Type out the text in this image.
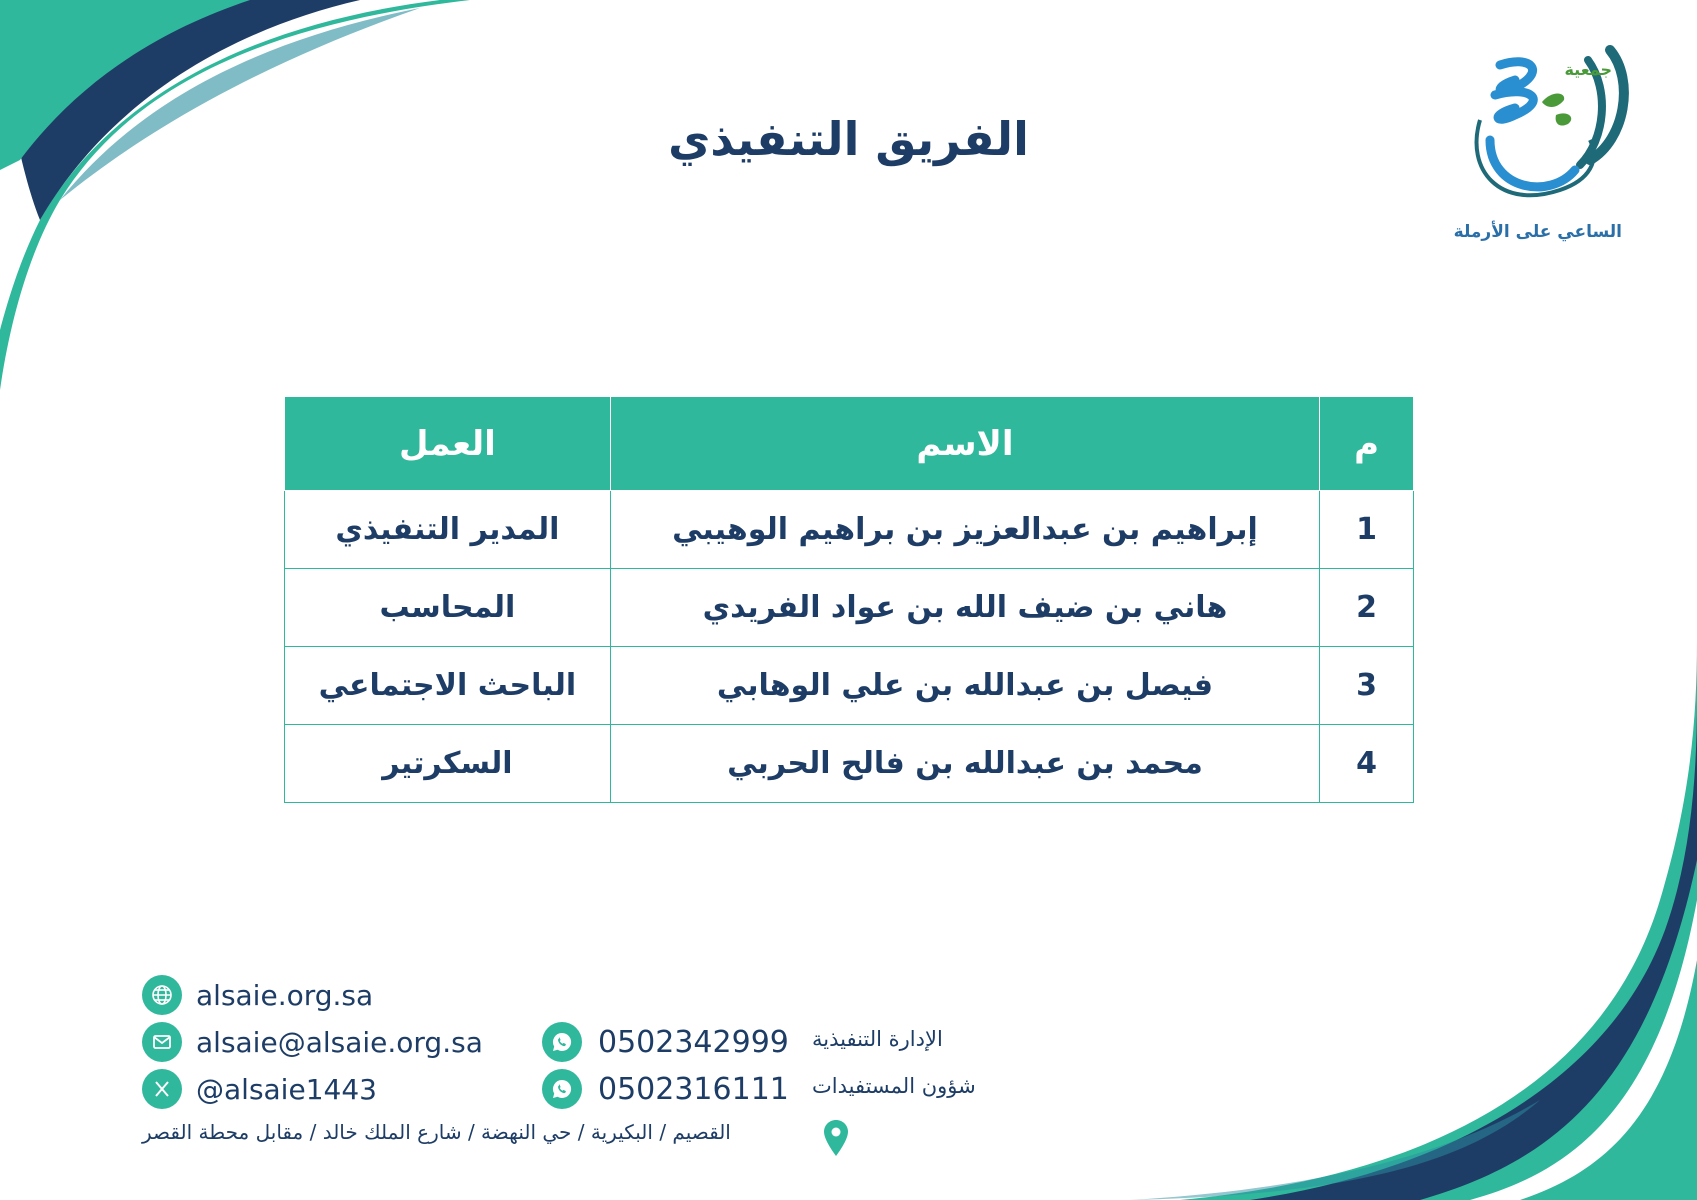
جمعية
الساعي على الأرملة
الفريق التنفيذي
م	الاسم	العمل
1	إبراهيم بن عبدالعزيز بن براهيم الوهيبي	المدير التنفيذي
2	هاني بن ضيف الله بن عواد الفريدي	المحاسب
3	فيصل بن عبدالله بن علي الوهابي	الباحث الاجتماعي
4	محمد بن عبدالله بن فالح الحربي	السكرتير
alsaie.org.sa
alsaie@alsaie.org.sa
@alsaie1443
0502342999 الإدارة التنفيذية
0502316111 شؤون المستفيدات
القصيم / البكيرية / حي النهضة / شارع الملك خالد / مقابل محطة القصر
